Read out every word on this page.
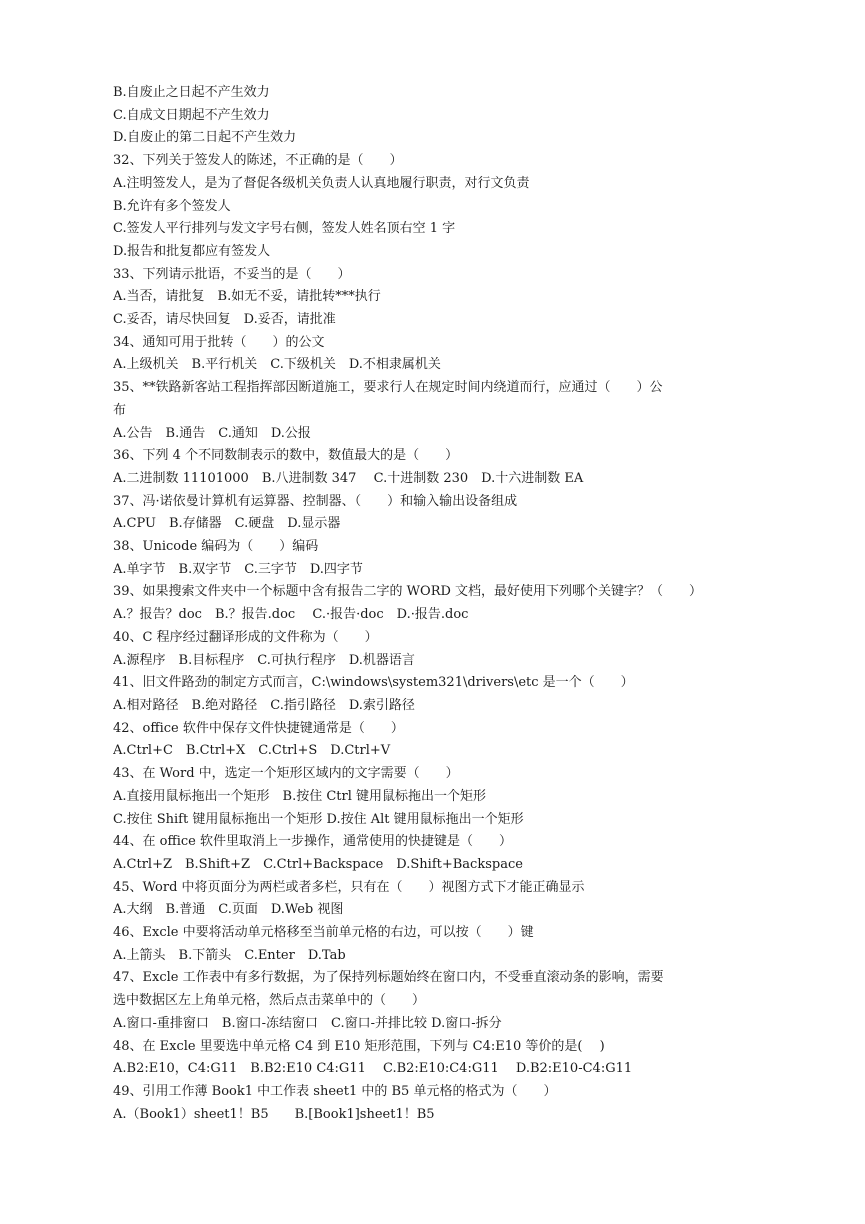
B.自废止之日起不产生效力
C.自成文日期起不产生效力
D.自废止的第二日起不产生效力
32、下列关于签发人的陈述，不正确的是（　　）
A.注明签发人，是为了督促各级机关负责人认真地履行职责，对行文负责
B.允许有多个签发人
C.签发人平行排列与发文字号右侧，签发人姓名顶右空 1 字
D.报告和批复都应有签发人
33、下列请示批语，不妥当的是（　　）
A.当否，请批复　B.如无不妥，请批转***执行
C.妥否，请尽快回复　D.妥否，请批准
34、通知可用于批转（　　）的公文
A.上级机关　B.平行机关　C.下级机关　D.不相隶属机关
35、**铁路新客站工程指挥部因断道施工，要求行人在规定时间内绕道而行，应通过（　　）公
布
A.公告　B.通告　C.通知　D.公报
36、下列 4 个不同数制表示的数中，数值最大的是（　　）
A.二进制数 11101000　B.八进制数 347　 C.十进制数 230　D.十六进制数 EA
37、冯·诺依曼计算机有运算器、控制器、（　　）和输入输出设备组成
A.CPU　B.存储器　C.硬盘　D.显示器
38、Unicode 编码为（　　）编码
A.单字节　B.双字节　C.三字节　D.四字节
39、如果搜索文件夹中一个标题中含有报告二字的 WORD 文档，最好使用下列哪个关键字？（　　）
A.？报告？doc　B.？报告.doc　 C.·报告·doc　D.·报告.doc
40、C 程序经过翻译形成的文件称为（　　）
A.源程序　B.目标程序　C.可执行程序　D.机器语言
41、旧文件路劲的制定方式而言，C:\windows\system321\drivers\etc 是一个（　　）
A.相对路径　B.绝对路径　C.指引路径　D.索引路径
42、office 软件中保存文件快捷键通常是（　　）
A.Ctrl+C　B.Ctrl+X　C.Ctrl+S　D.Ctrl+V
43、在 Word 中，选定一个矩形区域内的文字需要（　　）
A.直接用鼠标拖出一个矩形　B.按住 Ctrl 键用鼠标拖出一个矩形
C.按住 Shift 键用鼠标拖出一个矩形 D.按住 Alt 键用鼠标拖出一个矩形
44、在 office 软件里取消上一步操作，通常使用的快捷键是（　　）
A.Ctrl+Z　B.Shift+Z　C.Ctrl+Backspace　D.Shift+Backspace
45、Word 中将页面分为两栏或者多栏，只有在（　　）视图方式下才能正确显示
A.大纲　B.普通　C.页面　D.Web 视图
46、Excle 中要将活动单元格移至当前单元格的右边，可以按（　　）键
A.上箭头　B.下箭头　C.Enter　D.Tab
47、Excle 工作表中有多行数据，为了保持列标题始终在窗口内，不受垂直滚动条的影响，需要
选中数据区左上角单元格，然后点击菜单中的（　　）
A.窗口-重排窗口　B.窗口-冻结窗口　C.窗口-并排比较 D.窗口-拆分
48、在 Excle 里要选中单元格 C4 到 E10 矩形范围，下列与 C4:E10 等价的是(　 )
A.B2:E10，C4:G11　B.B2:E10 C4:G11　 C.B2:E10:C4:G11　 D.B2:E10-C4:G11
49、引用工作薄 Book1 中工作表 sheet1 中的 B5 单元格的格式为（　　）
A.（Book1）sheet1！B5　　B.[Book1]sheet1！B5
